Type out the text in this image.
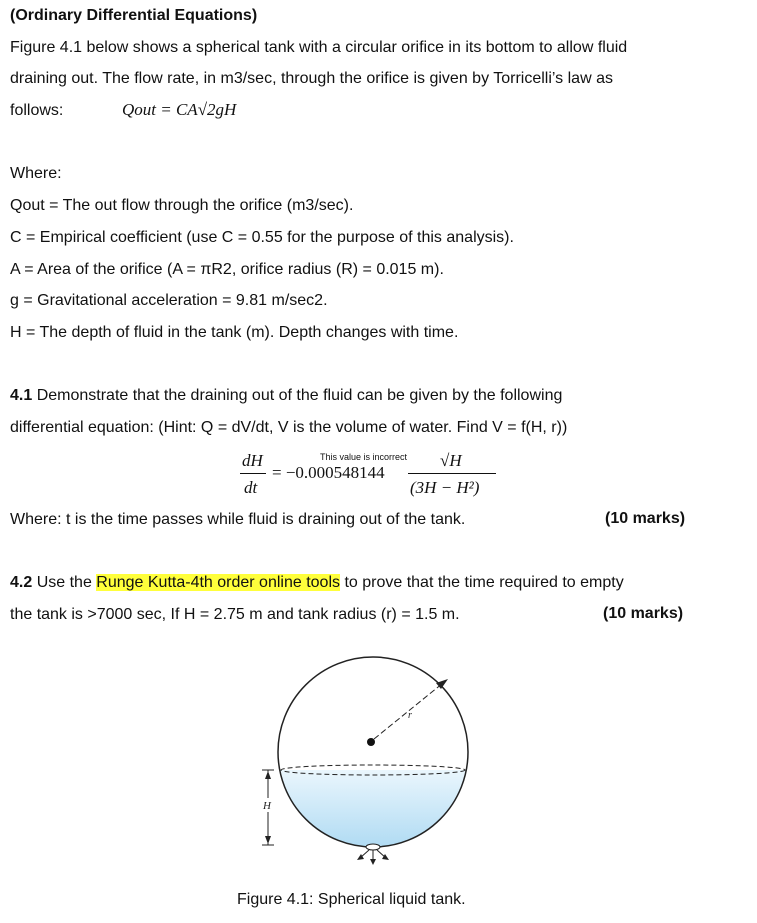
(Ordinary Differential Equations)
Figure 4.1 below shows a spherical tank with a circular orifice in its bottom to allow fluid
draining out. The flow rate, in m3/sec, through the orifice is given by Torricelli’s law as
follows:	Qout = CA√2gH
Where:
Qout = The out flow through the orifice (m3/sec).
C = Empirical coefficient (use C = 0.55 for the purpose of this analysis).
A = Area of the orifice (A = πR2, orifice radius (R) = 0.015 m).
g = Gravitational acceleration = 9.81 m/sec2.
H = The depth of fluid in the tank (m). Depth changes with time.
4.1 Demonstrate that the draining out of the fluid can be given by the following
differential equation: (Hint: Q = dV/dt, V is the volume of water. Find V = f(H, r))
dH
dt
= −0.000548144
This value is incorrect √H
(3H − H²)
Where: t is the time passes while fluid is draining out of the tank.	(10 marks)
4.2 Use the Runge Kutta-4th order online tools to prove that the time required to empty
the tank is >7000 sec, If H = 2.75 m and tank radius (r) = 1.5 m.	(10 marks)
r
H
Figure 4.1: Spherical liquid tank.
